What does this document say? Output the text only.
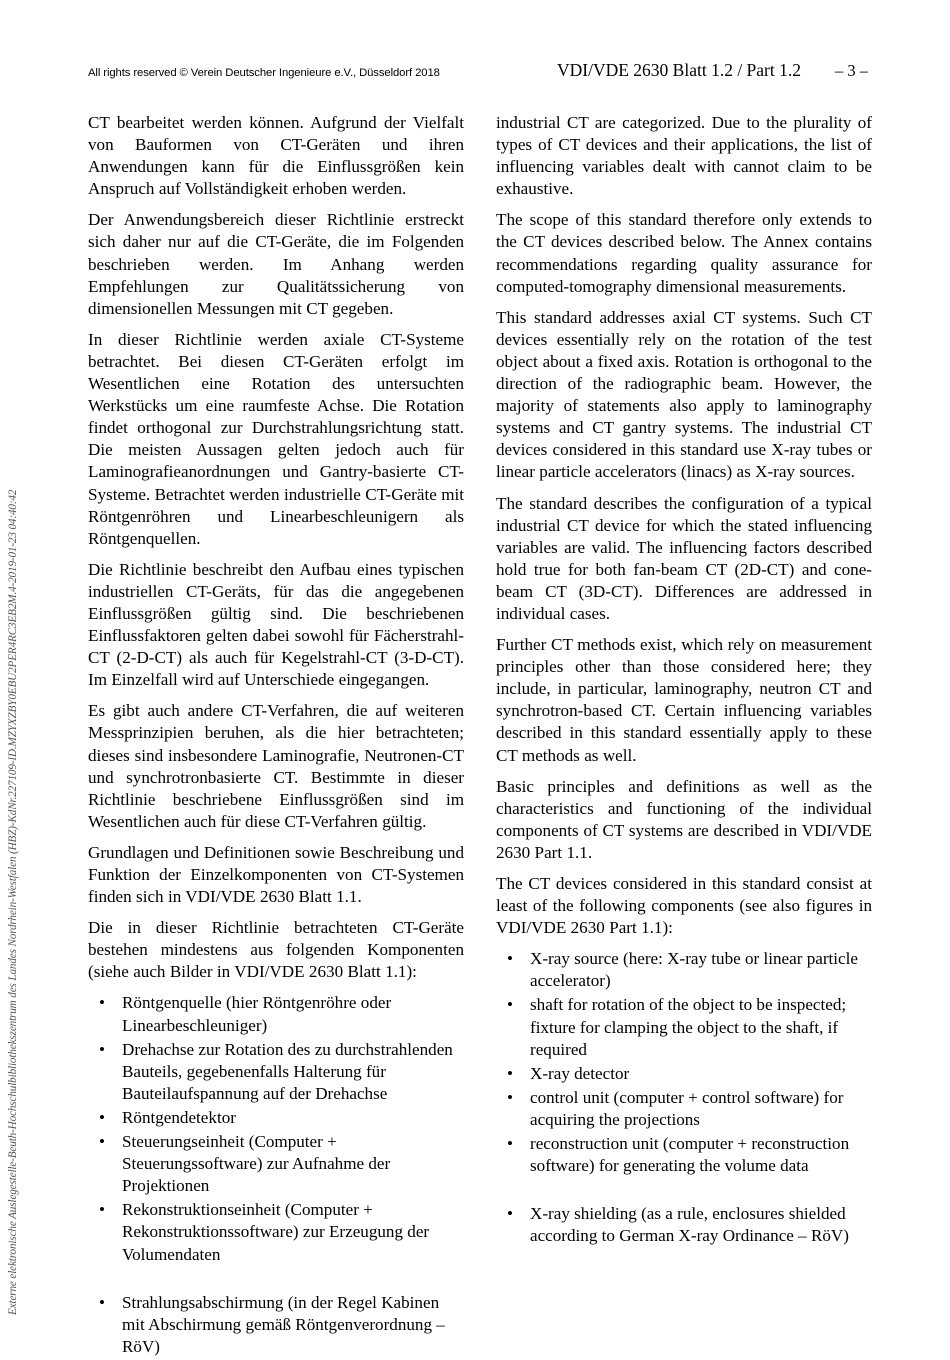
Externe elektronische Auslegestelle-Beuth-Hochschulbibliothekszentrum des Landes Nordrhein-Westfalen (HBZ)-KdNr.227109-ID.MZYXZBY0EBU2PER4RC3EB2M.4-2019-01-23 04:40:42
All rights reserved © Verein Deutscher Ingenieure e.V., Düsseldorf 2018	VDI/VDE 2630 Blatt 1.2 / Part 1.2 – 3 –

CT bearbeitet werden können. Aufgrund der Vielfalt von Bauformen von CT-Geräten und ihren Anwendungen kann für die Einflussgrößen kein Anspruch auf Vollständigkeit erhoben werden.

Der Anwendungsbereich dieser Richtlinie erstreckt sich daher nur auf die CT-Geräte, die im Folgenden beschrieben werden. Im Anhang werden Empfehlungen zur Qualitätssicherung von dimensionellen Messungen mit CT gegeben.

In dieser Richtlinie werden axiale CT-Systeme betrachtet. Bei diesen CT-Geräten erfolgt im Wesentlichen eine Rotation des untersuchten Werkstücks um eine raumfeste Achse. Die Rotation findet orthogonal zur Durchstrahlungsrichtung statt. Die meisten Aussagen gelten jedoch auch für Laminografieanordnungen und Gantry-basierte CT-Systeme. Betrachtet werden industrielle CT-Geräte mit Röntgenröhren und Linearbeschleunigern als Röntgenquellen.

Die Richtlinie beschreibt den Aufbau eines typischen industriellen CT-Geräts, für das die angegebenen Einflussgrößen gültig sind. Die beschriebenen Einflussfaktoren gelten dabei sowohl für Fächerstrahl-CT (2-D-CT) als auch für Kegelstrahl-CT (3-D-CT). Im Einzelfall wird auf Unterschiede eingegangen.

Es gibt auch andere CT-Verfahren, die auf weiteren Messprinzipien beruhen, als die hier betrachteten; dieses sind insbesondere Laminografie, Neutronen-CT und synchrotronbasierte CT. Bestimmte in dieser Richtlinie beschriebene Einflussgrößen sind im Wesentlichen auch für diese CT-Verfahren gültig.

Grundlagen und Definitionen sowie Beschreibung und Funktion der Einzelkomponenten von CT-Systemen finden sich in VDI/VDE 2630 Blatt 1.1.

Die in dieser Richtlinie betrachteten CT-Geräte bestehen mindestens aus folgenden Komponenten (siehe auch Bilder in VDI/VDE 2630 Blatt 1.1):

• Röntgenquelle (hier Röntgenröhre oder Linearbeschleuniger)
• Drehachse zur Rotation des zu durchstrahlenden Bauteils, gegebenenfalls Halterung für Bauteilaufspannung auf der Drehachse
• Röntgendetektor
• Steuerungseinheit (Computer + Steuerungssoftware) zur Aufnahme der Projektionen
• Rekonstruktionseinheit (Computer + Rekonstruktionssoftware) zur Erzeugung der Volumendaten
• Strahlungsabschirmung (in der Regel Kabinen mit Abschirmung gemäß Röntgenverordnung – RöV)

industrial CT are categorized. Due to the plurality of types of CT devices and their applications, the list of influencing variables dealt with cannot claim to be exhaustive.

The scope of this standard therefore only extends to the CT devices described below. The Annex contains recommendations regarding quality assurance for computed-tomography dimensional measurements.

This standard addresses axial CT systems. Such CT devices essentially rely on the rotation of the test object about a fixed axis. Rotation is orthogonal to the direction of the radiographic beam. However, the majority of statements also apply to laminography systems and CT gantry systems. The industrial CT devices considered in this standard use X-ray tubes or linear particle accelerators (linacs) as X-ray sources.

The standard describes the configuration of a typical industrial CT device for which the stated influencing variables are valid. The influencing factors described hold true for both fan-beam CT (2D-CT) and cone-beam CT (3D-CT). Differences are addressed in individual cases.

Further CT methods exist, which rely on measurement principles other than those considered here; they include, in particular, laminography, neutron CT and synchrotron-based CT. Certain influencing variables described in this standard essentially apply to these CT methods as well.

Basic principles and definitions as well as the characteristics and functioning of the individual components of CT systems are described in VDI/VDE 2630 Part 1.1.

The CT devices considered in this standard consist at least of the following components (see also figures in VDI/VDE 2630 Part 1.1):

• X-ray source (here: X-ray tube or linear particle accelerator)
• shaft for rotation of the object to be inspected; fixture for clamping the object to the shaft, if required
• X-ray detector
• control unit (computer + control software) for acquiring the projections
• reconstruction unit (computer + reconstruction software) for generating the volume data
• X-ray shielding (as a rule, enclosures shielded according to German X-ray Ordinance – RöV)
